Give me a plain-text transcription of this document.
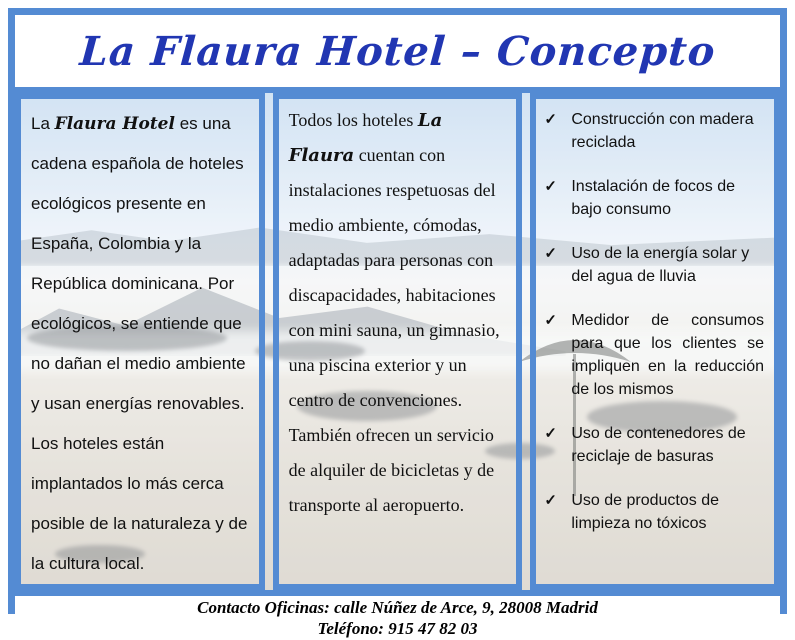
La Flaura Hotel – Concepto

La Flaura Hotel es una cadena española de hoteles ecológicos presente en España, Colombia y la República dominicana. Por ecológicos, se entiende que no dañan el medio ambiente y usan energías renovables. Los hoteles están implantados lo más cerca posible de la naturaleza y de la cultura local.

Todos los hoteles La Flaura cuentan con instalaciones respetuosas del medio ambiente, cómodas, adaptadas para personas con discapacidades, habitaciones con mini sauna, un gimnasio, una piscina exterior y un centro de convenciones. También ofrecen un servicio de alquiler de bicicletas y de transporte al aeropuerto.

✓ Construcción con madera reciclada
✓ Instalación de focos de bajo consumo
✓ Uso de la energía solar y del agua de lluvia
✓ Medidor de consumos para que los clientes se impliquen en la reducción de los mismos
✓ Uso de contenedores de reciclaje de basuras
✓ Uso de productos de limpieza no tóxicos
Contacto Oficinas: calle Núñez de Arce, 9, 28008 Madrid
Teléfono: 915 47 82 03
